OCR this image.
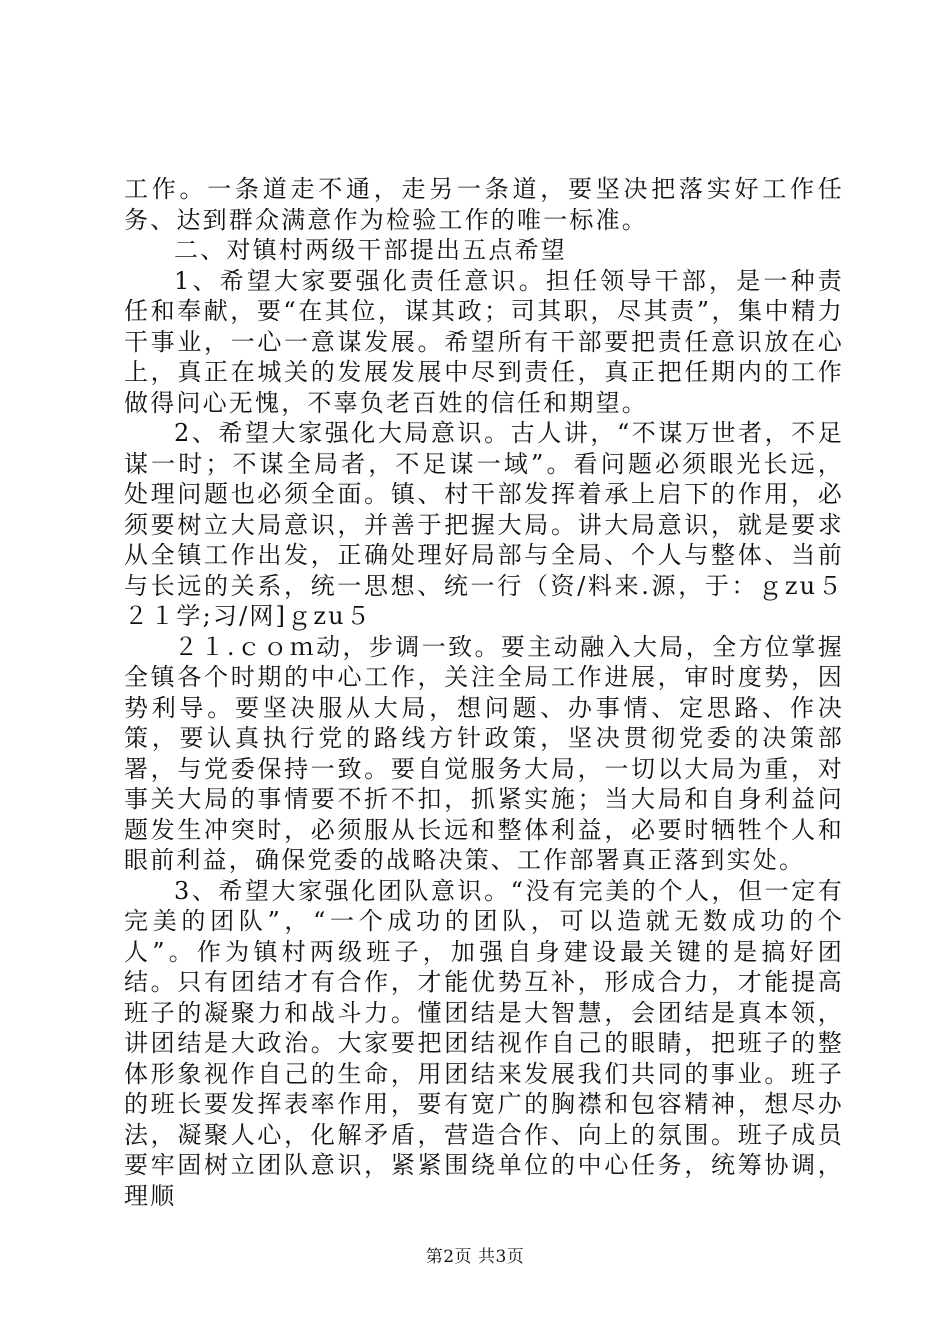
工作。一条道走不通，走另一条道，要坚决把落实好工作任务、达到群众满意作为检验工作的唯一标准。

二、对镇村两级干部提出五点希望

1、希望大家要强化责任意识。担任领导干部，是一种责任和奉献，要“在其位，谋其政；司其职，尽其责”，集中精力干事业，一心一意谋发展。希望所有干部要把责任意识放在心上，真正在城关的发展发展中尽到责任，真正把任期内的工作做得问心无愧，不辜负老百姓的信任和期望。

2、希望大家强化大局意识。古人讲，“不谋万世者，不足谋一时；不谋全局者，不足谋一域”。看问题必须眼光长远，处理问题也必须全面。镇、村干部发挥着承上启下的作用，必须要树立大局意识，并善于把握大局。讲大局意识，就是要求从全镇工作出发，正确处理好局部与全局、个人与整体、当前与长远的关系，统一思想、统一行（资/料来.源，于：ｇzu５２１学;习/网]ｇzu５

２１.ｃｏｍ动，步调一致。要主动融入大局，全方位掌握全镇各个时期的中心工作，关注全局工作进展，审时度势，因势利导。要坚决服从大局，想问题、办事情、定思路、作决策，要认真执行党的路线方针政策，坚决贯彻党委的决策部署，与党委保持一致。要自觉服务大局，一切以大局为重，对事关大局的事情要不折不扣，抓紧实施；当大局和自身利益问题发生冲突时，必须服从长远和整体利益，必要时牺牲个人和眼前利益，确保党委的战略决策、工作部署真正落到实处。

3、希望大家强化团队意识。“没有完美的个人，但一定有完美的团队”，“一个成功的团队，可以造就无数成功的个人”。作为镇村两级班子，加强自身建设最关键的是搞好团结。只有团结才有合作，才能优势互补，形成合力，才能提高班子的凝聚力和战斗力。懂团结是大智慧，会团结是真本领，讲团结是大政治。大家要把团结视作自己的眼睛，把班子的整体形象视作自己的生命，用团结来发展我们共同的事业。班子的班长要发挥表率作用，要有宽广的胸襟和包容精神，想尽办法，凝聚人心，化解矛盾，营造合作、向上的氛围。班子成员要牢固树立团队意识，紧紧围绕单位的中心任务，统筹协调，理顺

第2页 共3页
